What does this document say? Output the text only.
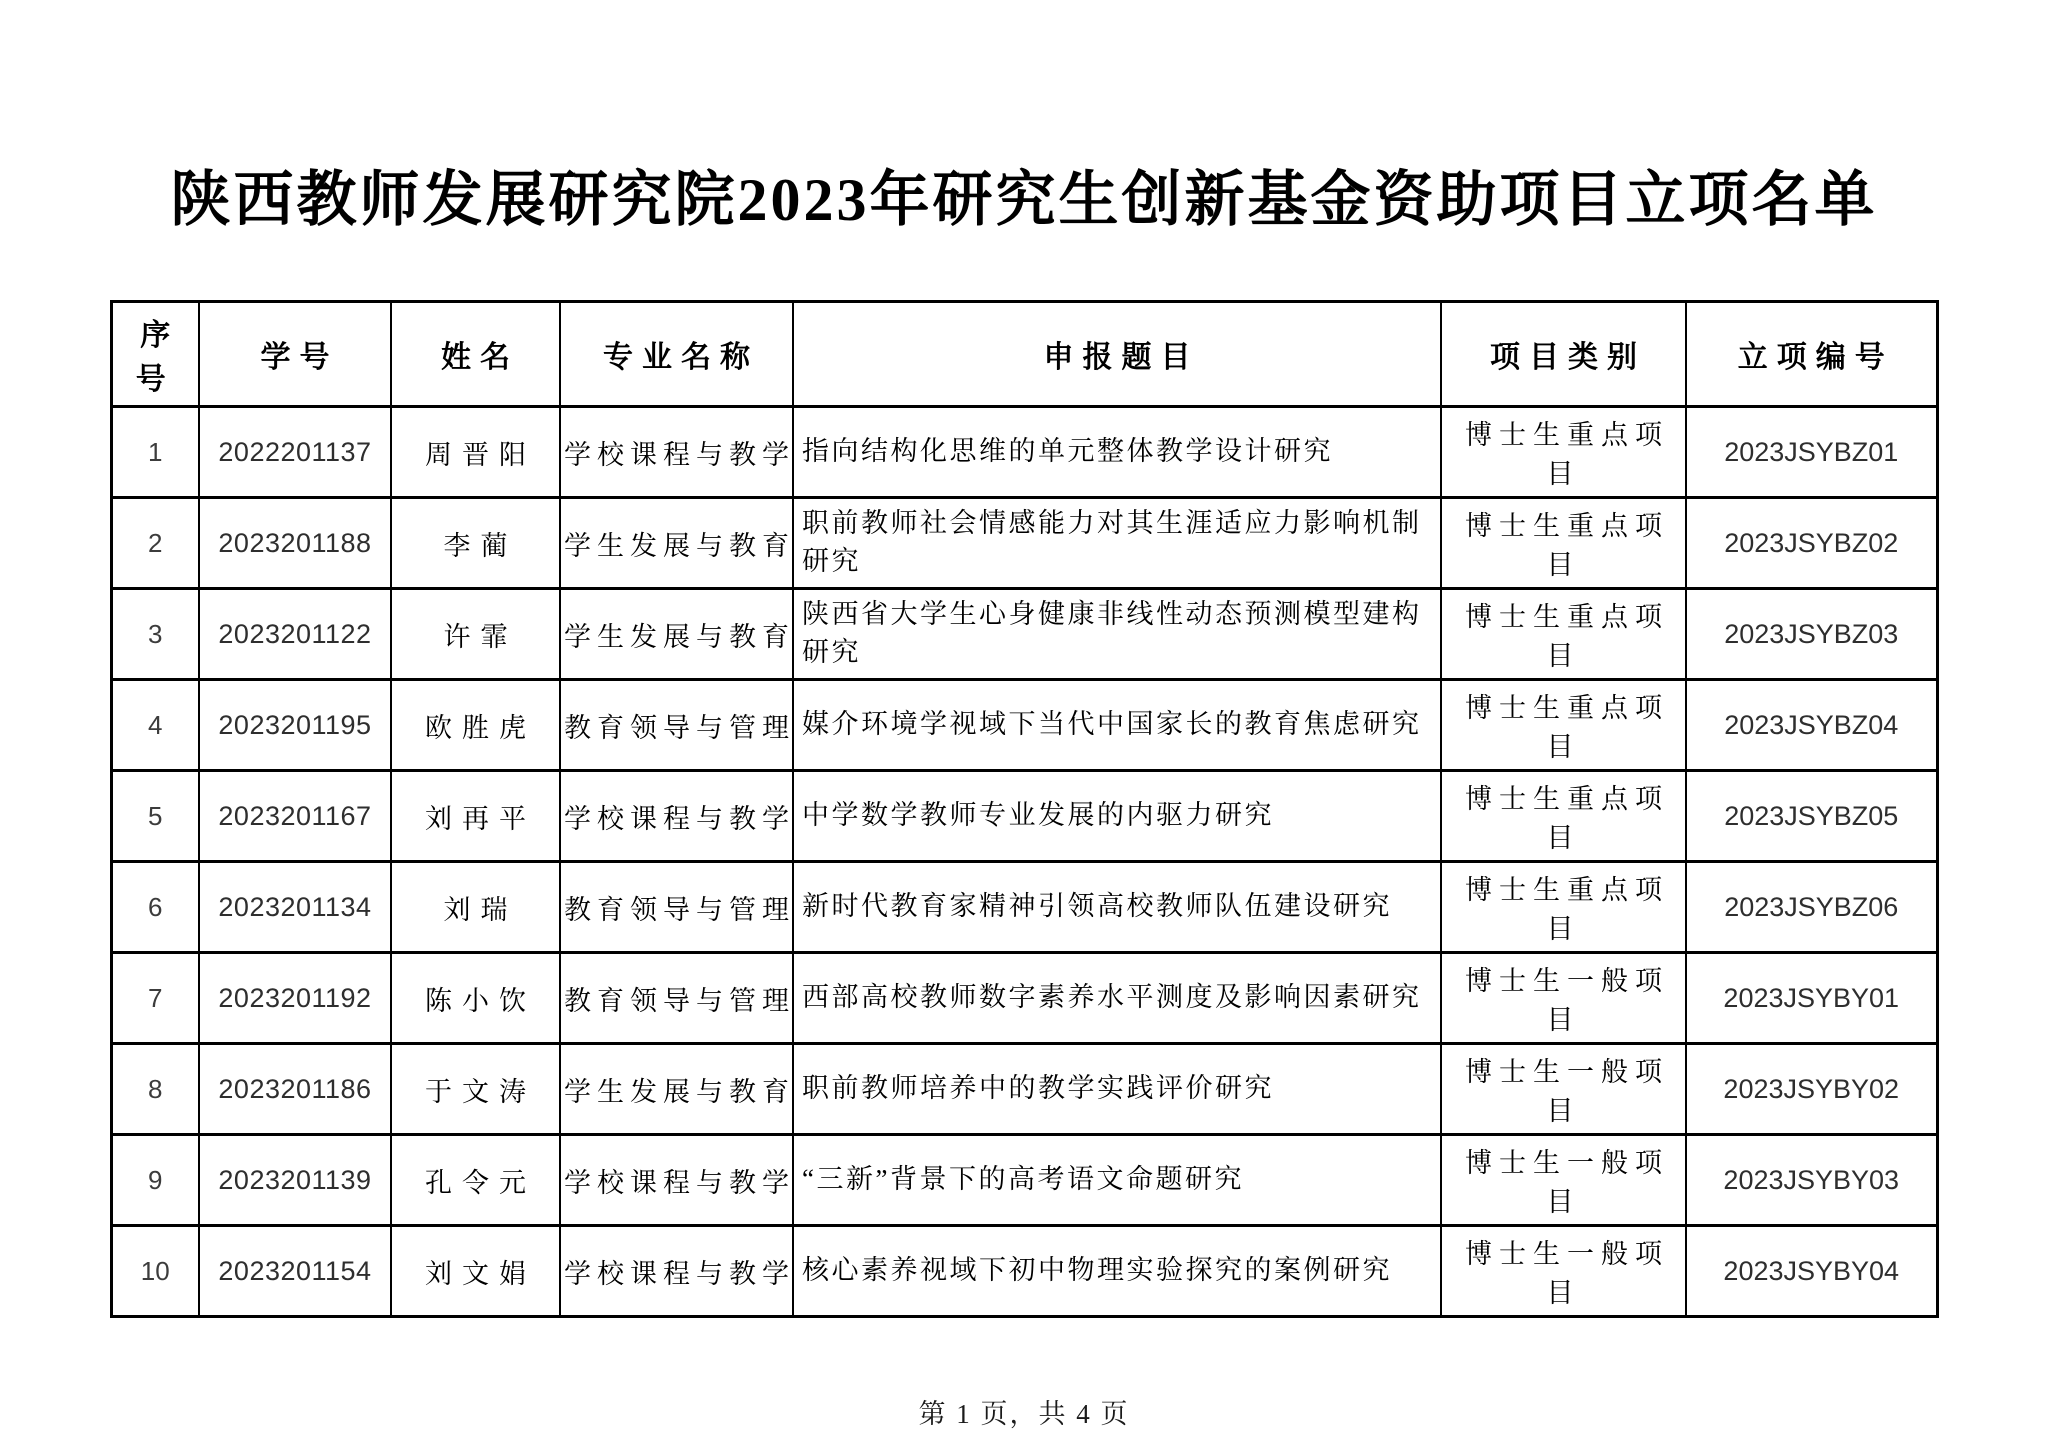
陕西教师发展研究院2023年研究生创新基金资助项目立项名单
序号	学号	姓名	专业名称	申报题目	项目类别	立项编号
1	2022201137	周晋阳	学校课程与教学	指向结构化思维的单元整体教学设计研究	博士生重点项目	2023JSYBZ01
2	2023201188	李蔺	学生发展与教育	职前教师社会情感能力对其生涯适应力影响机制研究	博士生重点项目	2023JSYBZ02
3	2023201122	许霏	学生发展与教育	陕西省大学生心身健康非线性动态预测模型建构研究	博士生重点项目	2023JSYBZ03
4	2023201195	欧胜虎	教育领导与管理	媒介环境学视域下当代中国家长的教育焦虑研究	博士生重点项目	2023JSYBZ04
5	2023201167	刘再平	学校课程与教学	中学数学教师专业发展的内驱力研究	博士生重点项目	2023JSYBZ05
6	2023201134	刘瑞	教育领导与管理	新时代教育家精神引领高校教师队伍建设研究	博士生重点项目	2023JSYBZ06
7	2023201192	陈小饮	教育领导与管理	西部高校教师数字素养水平测度及影响因素研究	博士生一般项目	2023JSYBY01
8	2023201186	于文涛	学生发展与教育	职前教师培养中的教学实践评价研究	博士生一般项目	2023JSYBY02
9	2023201139	孔令元	学校课程与教学	“三新”背景下的高考语文命题研究	博士生一般项目	2023JSYBY03
10	2023201154	刘文娟	学校课程与教学	核心素养视域下初中物理实验探究的案例研究	博士生一般项目	2023JSYBY04
第 1 页，共 4 页
